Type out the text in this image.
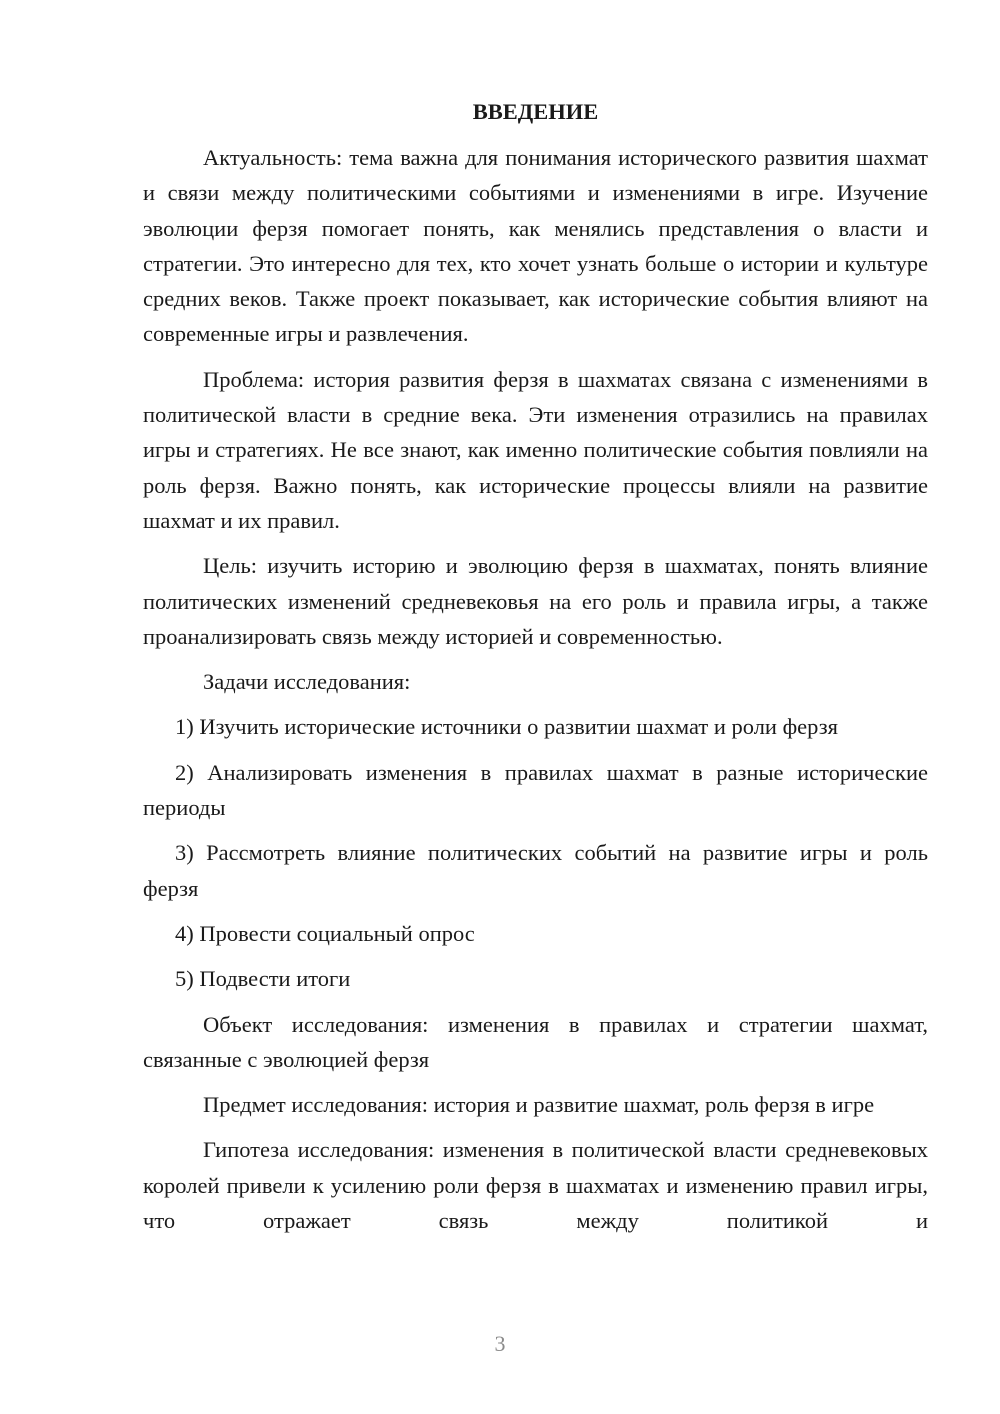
ВВЕДЕНИЕ

Актуальность: тема важна для понимания исторического развития шахмат и связи между политическими событиями и изменениями в игре. Изучение эволюции ферзя помогает понять, как менялись представления о власти и стратегии. Это интересно для тех, кто хочет узнать больше о истории и культуре средних веков. Также проект показывает, как исторические события влияют на современные игры и развлечения.

Проблема: история развития ферзя в шахматах связана с изменениями в политической власти в средние века. Эти изменения отразились на правилах игры и стратегиях. Не все знают, как именно политические события повлияли на роль ферзя. Важно понять, как исторические процессы влияли на развитие шахмат и их правил.

Цель: изучить историю и эволюцию ферзя в шахматах, понять влияние политических изменений средневековья на его роль и правила игры, а также проанализировать связь между историей и современностью.

Задачи исследования:

1) Изучить исторические источники о развитии шахмат и роли ферзя

2) Анализировать изменения в правилах шахмат в разные исторические периоды

3) Рассмотреть влияние политических событий на развитие игры и роль ферзя

4) Провести социальный опрос

5) Подвести итоги

Объект исследования: изменения в правилах и стратегии шахмат, связанные с эволюцией ферзя

Предмет исследования: история и развитие шахмат, роль ферзя в игре

Гипотеза исследования: изменения в политической власти средневековых королей привели к усилению роли ферзя в шахматах и изменению правил игры, что отражает связь между политикой и

3
